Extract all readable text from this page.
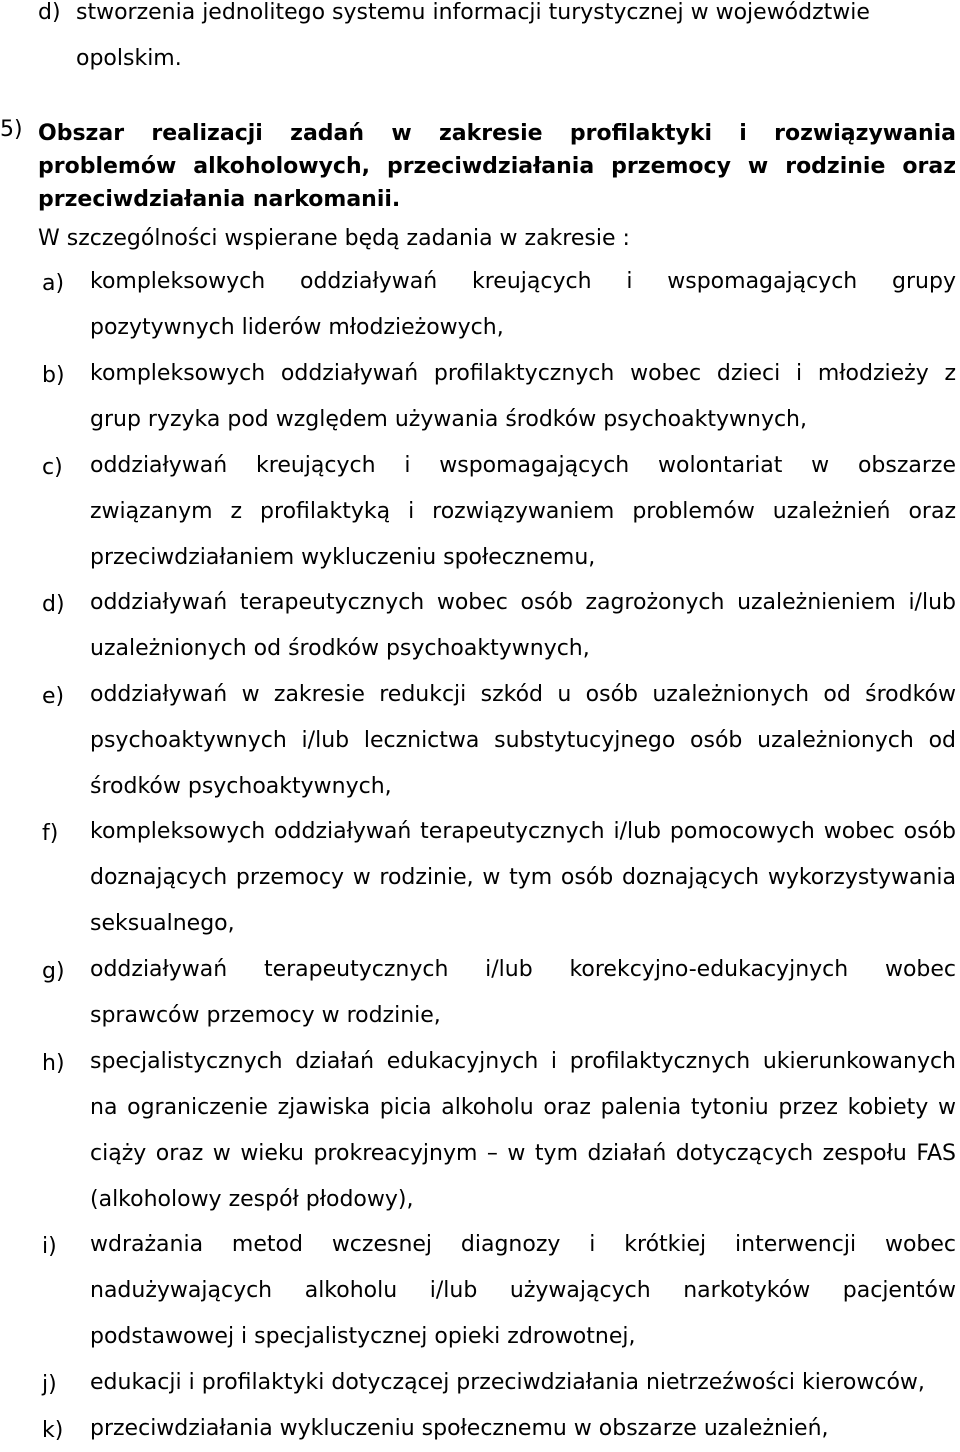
d) stworzenia jednolitego systemu informacji turystycznej w województwie
opolskim.
5) Obszar realizacji zadań w zakresie profilaktyki i rozwiązywania
problemów alkoholowych, przeciwdziałania przemocy w rodzinie oraz
przeciwdziałania narkomanii.
W szczególności wspierane będą zadania w zakresie :
a) kompleksowych oddziaływań kreujących i wspomagających grupy
pozytywnych liderów młodzieżowych,
b) kompleksowych oddziaływań profilaktycznych wobec dzieci i młodzieży z
grup ryzyka pod względem używania środków psychoaktywnych,
c) oddziaływań kreujących i wspomagających wolontariat w obszarze
związanym z profilaktyką i rozwiązywaniem problemów uzależnień oraz
przeciwdziałaniem wykluczeniu społecznemu,
d) oddziaływań terapeutycznych wobec osób zagrożonych uzależnieniem i/lub
uzależnionych od środków psychoaktywnych,
e) oddziaływań w zakresie redukcji szkód u osób uzależnionych od środków
psychoaktywnych i/lub lecznictwa substytucyjnego osób uzależnionych od
środków psychoaktywnych,
f) kompleksowych oddziaływań terapeutycznych i/lub pomocowych wobec osób
doznających przemocy w rodzinie, w tym osób doznających wykorzystywania
seksualnego,
g) oddziaływań terapeutycznych i/lub korekcyjno-edukacyjnych wobec
sprawców przemocy w rodzinie,
h) specjalistycznych działań edukacyjnych i profilaktycznych ukierunkowanych
na ograniczenie zjawiska picia alkoholu oraz palenia tytoniu przez kobiety w
ciąży oraz w wieku prokreacyjnym – w tym działań dotyczących zespołu FAS
(alkoholowy zespół płodowy),
i) wdrażania metod wczesnej diagnozy i krótkiej interwencji wobec
nadużywających alkoholu i/lub używających narkotyków pacjentów
podstawowej i specjalistycznej opieki zdrowotnej,
j) edukacji i profilaktyki dotyczącej przeciwdziałania nietrzeźwości kierowców,
k) przeciwdziałania wykluczeniu społecznemu w obszarze uzależnień,
